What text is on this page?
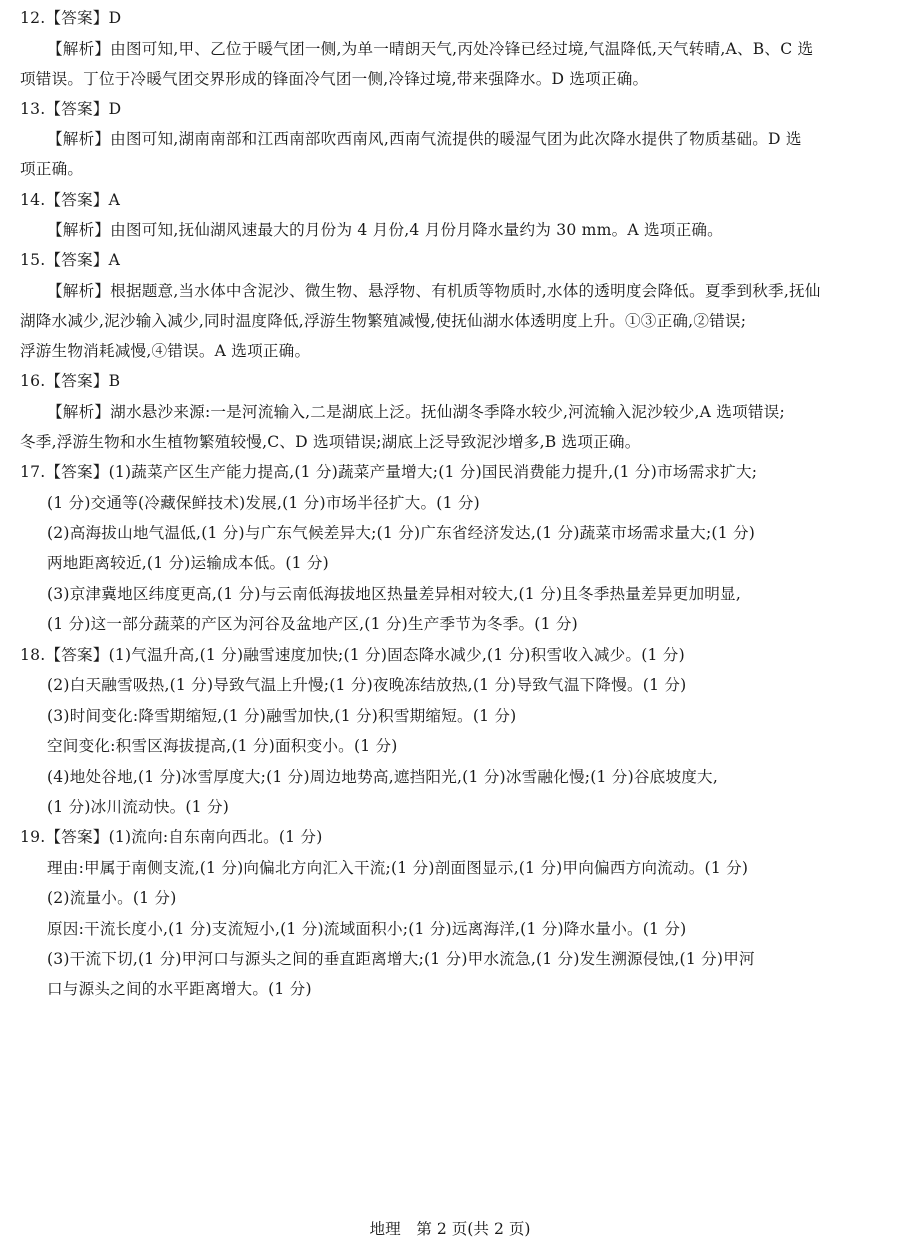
12.【答案】D
【解析】由图可知,甲、乙位于暖气团一侧,为单一晴朗天气,丙处冷锋已经过境,气温降低,天气转晴,A、B、C 选
项错误。丁位于冷暖气团交界形成的锋面冷气团一侧,冷锋过境,带来强降水。D 选项正确。
13.【答案】D
【解析】由图可知,湖南南部和江西南部吹西南风,西南气流提供的暖湿气团为此次降水提供了物质基础。D 选
项正确。
14.【答案】A
【解析】由图可知,抚仙湖风速最大的月份为 4 月份,4 月份月降水量约为 30 mm。A 选项正确。
15.【答案】A
【解析】根据题意,当水体中含泥沙、微生物、悬浮物、有机质等物质时,水体的透明度会降低。夏季到秋季,抚仙
湖降水减少,泥沙输入减少,同时温度降低,浮游生物繁殖减慢,使抚仙湖水体透明度上升。①③正确,②错误;
浮游生物消耗减慢,④错误。A 选项正确。
16.【答案】B
【解析】湖水悬沙来源:一是河流输入,二是湖底上泛。抚仙湖冬季降水较少,河流输入泥沙较少,A 选项错误;
冬季,浮游生物和水生植物繁殖较慢,C、D 选项错误;湖底上泛导致泥沙增多,B 选项正确。
17.【答案】(1)蔬菜产区生产能力提高,(1 分)蔬菜产量增大;(1 分)国民消费能力提升,(1 分)市场需求扩大;
(1 分)交通等(冷藏保鲜技术)发展,(1 分)市场半径扩大。(1 分)
(2)高海拔山地气温低,(1 分)与广东气候差异大;(1 分)广东省经济发达,(1 分)蔬菜市场需求量大;(1 分)
两地距离较近,(1 分)运输成本低。(1 分)
(3)京津冀地区纬度更高,(1 分)与云南低海拔地区热量差异相对较大,(1 分)且冬季热量差异更加明显,
(1 分)这一部分蔬菜的产区为河谷及盆地产区,(1 分)生产季节为冬季。(1 分)
18.【答案】(1)气温升高,(1 分)融雪速度加快;(1 分)固态降水减少,(1 分)积雪收入减少。(1 分)
(2)白天融雪吸热,(1 分)导致气温上升慢;(1 分)夜晚冻结放热,(1 分)导致气温下降慢。(1 分)
(3)时间变化:降雪期缩短,(1 分)融雪加快,(1 分)积雪期缩短。(1 分)
空间变化:积雪区海拔提高,(1 分)面积变小。(1 分)
(4)地处谷地,(1 分)冰雪厚度大;(1 分)周边地势高,遮挡阳光,(1 分)冰雪融化慢;(1 分)谷底坡度大,
(1 分)冰川流动快。(1 分)
19.【答案】(1)流向:自东南向西北。(1 分)
理由:甲属于南侧支流,(1 分)向偏北方向汇入干流;(1 分)剖面图显示,(1 分)甲向偏西方向流动。(1 分)
(2)流量小。(1 分)
原因:干流长度小,(1 分)支流短小,(1 分)流域面积小;(1 分)远离海洋,(1 分)降水量小。(1 分)
(3)干流下切,(1 分)甲河口与源头之间的垂直距离增大;(1 分)甲水流急,(1 分)发生溯源侵蚀,(1 分)甲河
口与源头之间的水平距离增大。(1 分)
地理　第 2 页(共 2 页)
